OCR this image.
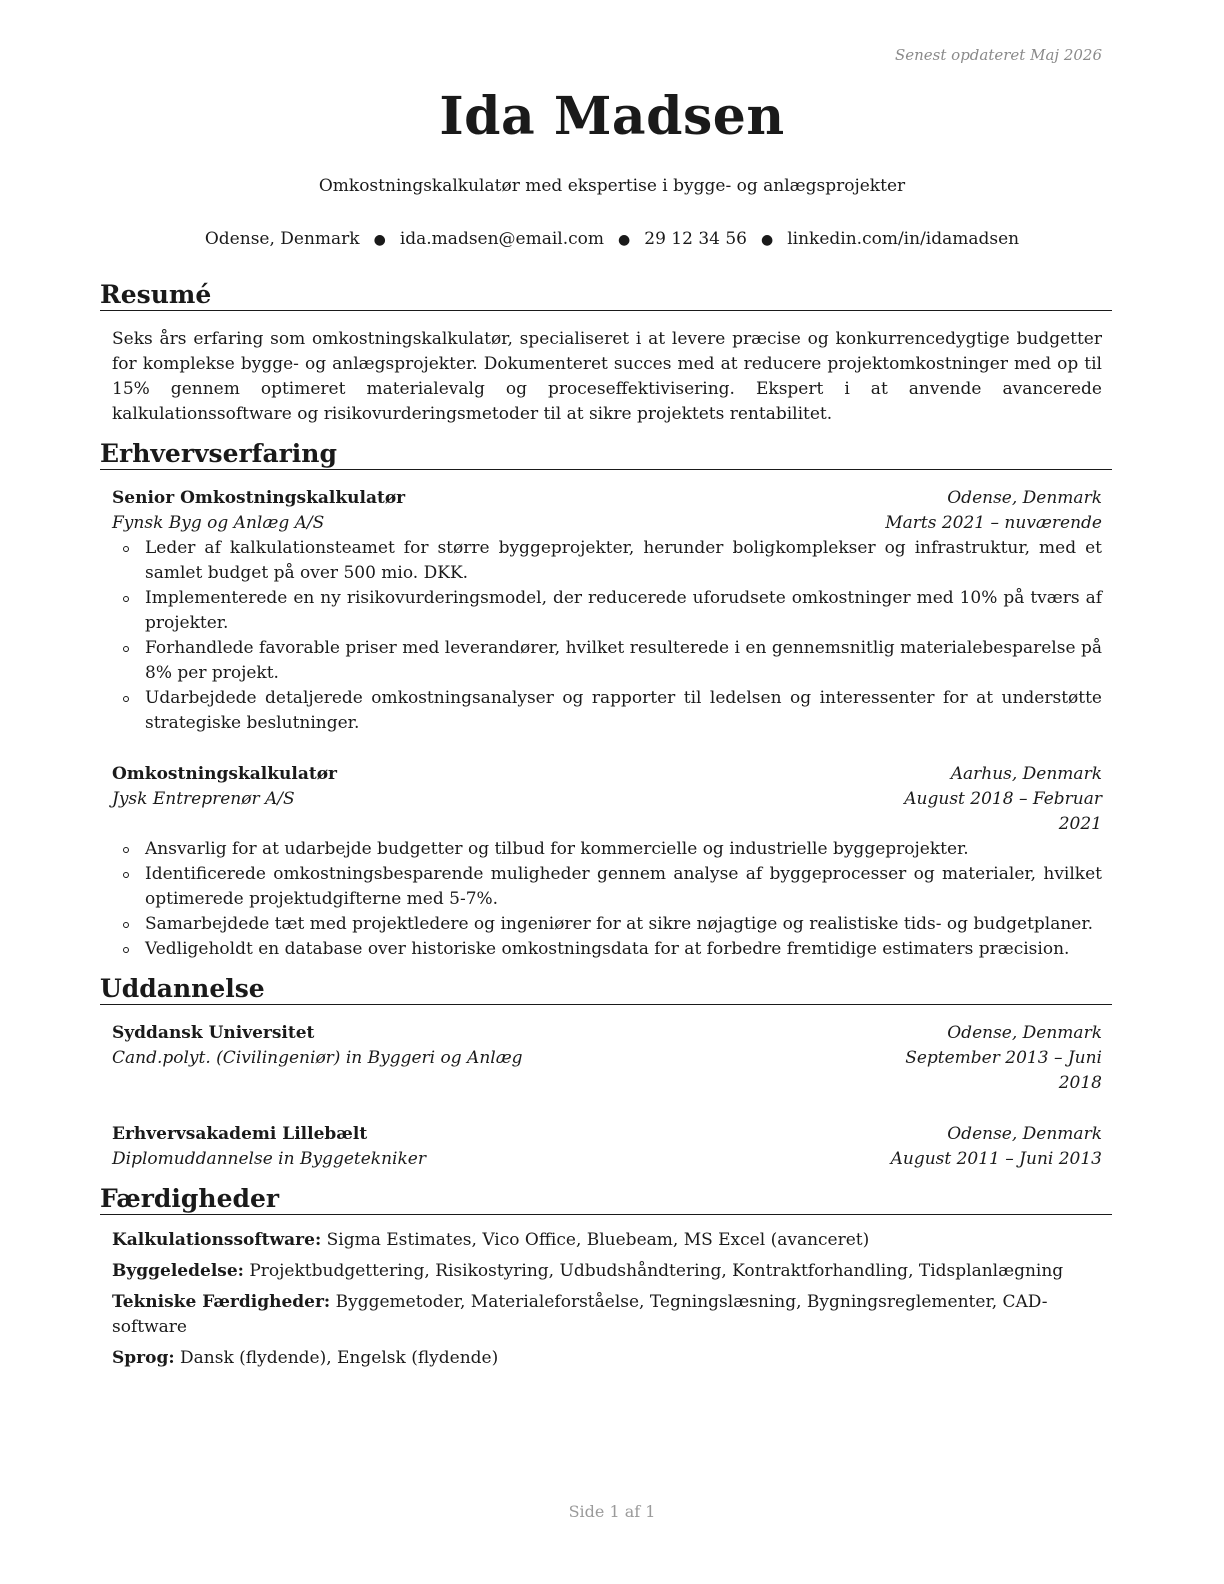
Senest opdateret Maj 2026
Ida Madsen
Omkostningskalkulatør med ekspertise i bygge- og anlægsprojekter
Odense, Denmark ● ida.madsen@email.com ● 29 12 34 56 ● linkedin.com/in/idamadsen
Resumé
Seks års erfaring som omkostningskalkulatør, specialiseret i at levere præcise og konkurrencedygtige budgetter for komplekse bygge- og anlægsprojekter. Dokumenteret succes med at reducere projektomkostninger med op til 15% gennem optimeret materialevalg og proceseffektivisering. Ekspert i at anvende avancerede kalkulationssoftware og risikovurderingsmetoder til at sikre projektets rentabilitet.
Erhvervserfaring
Senior Omkostningskalkulatør	Odense, Denmark
Fynsk Byg og Anlæg A/S	Marts 2021 – nuværende
Leder af kalkulationsteamet for større byggeprojekter, herunder boligkomplekser og infrastruktur, med et samlet budget på over 500 mio. DKK.
Implementerede en ny risikovurderingsmodel, der reducerede uforudsete omkostninger med 10% på tværs af projekter.
Forhandlede favorable priser med leverandører, hvilket resulterede i en gennemsnitlig materialebesparelse på 8% per projekt.
Udarbejdede detaljerede omkostningsanalyser og rapporter til ledelsen og interessenter for at understøtte strategiske beslutninger.
Omkostningskalkulatør	Aarhus, Denmark
Jysk Entreprenør A/S	August 2018 – Februar 2021
Ansvarlig for at udarbejde budgetter og tilbud for kommercielle og industrielle byggeprojekter.
Identificerede omkostningsbesparende muligheder gennem analyse af byggeprocesser og materialer, hvilket optimerede projektudgifterne med 5-7%.
Samarbejdede tæt med projektledere og ingeniører for at sikre nøjagtige og realistiske tids- og budgetplaner.
Vedligeholdt en database over historiske omkostningsdata for at forbedre fremtidige estimaters præcision.
Uddannelse
Syddansk Universitet	Odense, Denmark
Cand.polyt. (Civilingeniør) in Byggeri og Anlæg	September 2013 – Juni 2018
Erhvervsakademi Lillebælt	Odense, Denmark
Diplomuddannelse in Byggetekniker	August 2011 – Juni 2013
Færdigheder
Kalkulationssoftware: Sigma Estimates, Vico Office, Bluebeam, MS Excel (avanceret)
Byggeledelse: Projektbudgettering, Risikostyring, Udbudshåndtering, Kontraktforhandling, Tidsplanlægning
Tekniske Færdigheder: Byggemetoder, Materialeforståelse, Tegningslæsning, Bygningsreglementer, CAD-software
Sprog: Dansk (flydende), Engelsk (flydende)
Side 1 af 1
